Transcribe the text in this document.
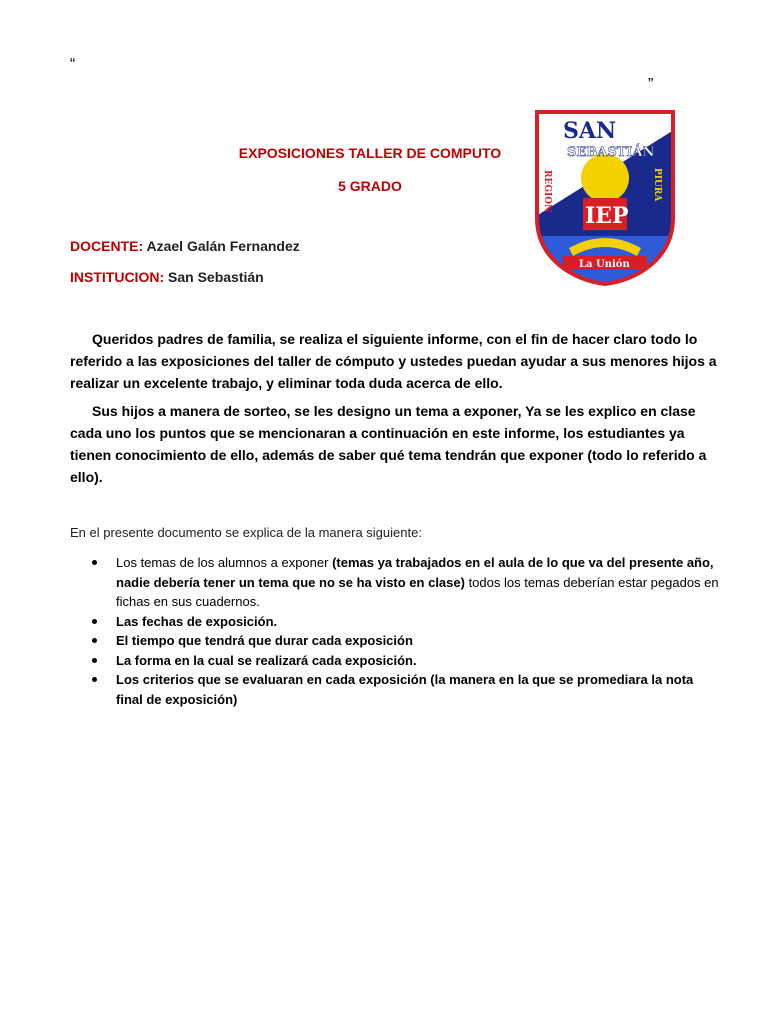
“
”
EXPOSICIONES TALLER DE COMPUTO
5 GRADO
DOCENTE: Azael Galán Fernandez
INSTITUCION: San Sebastián
SAN
SEBASTIÁN
REGION	PIURA
IEP
La Unión

Queridos padres de familia, se realiza el siguiente informe, con el fin de hacer claro todo lo referido a las exposiciones del taller de cómputo y ustedes puedan ayudar a sus menores hijos a realizar un excelente trabajo, y eliminar toda duda acerca de ello.

Sus hijos a manera de sorteo, se les designo un tema a exponer, Ya se les explico en clase cada uno los puntos que se mencionaran a continuación en este informe, los estudiantes ya tienen conocimiento de ello, además de saber qué tema tendrán que exponer (todo lo referido a ello).

En el presente documento se explica de la manera siguiente:
Los temas de los alumnos a exponer (temas ya trabajados en el aula de lo que va del presente año, nadie debería tener un tema que no se ha visto en clase) todos los temas deberían estar pegados en fichas en sus cuadernos.
Las fechas de exposición.
El tiempo que tendrá que durar cada exposición
La forma en la cual se realizará cada exposición.
Los criterios que se evaluaran en cada exposición (la manera en la que se promediara la nota final de exposición)
